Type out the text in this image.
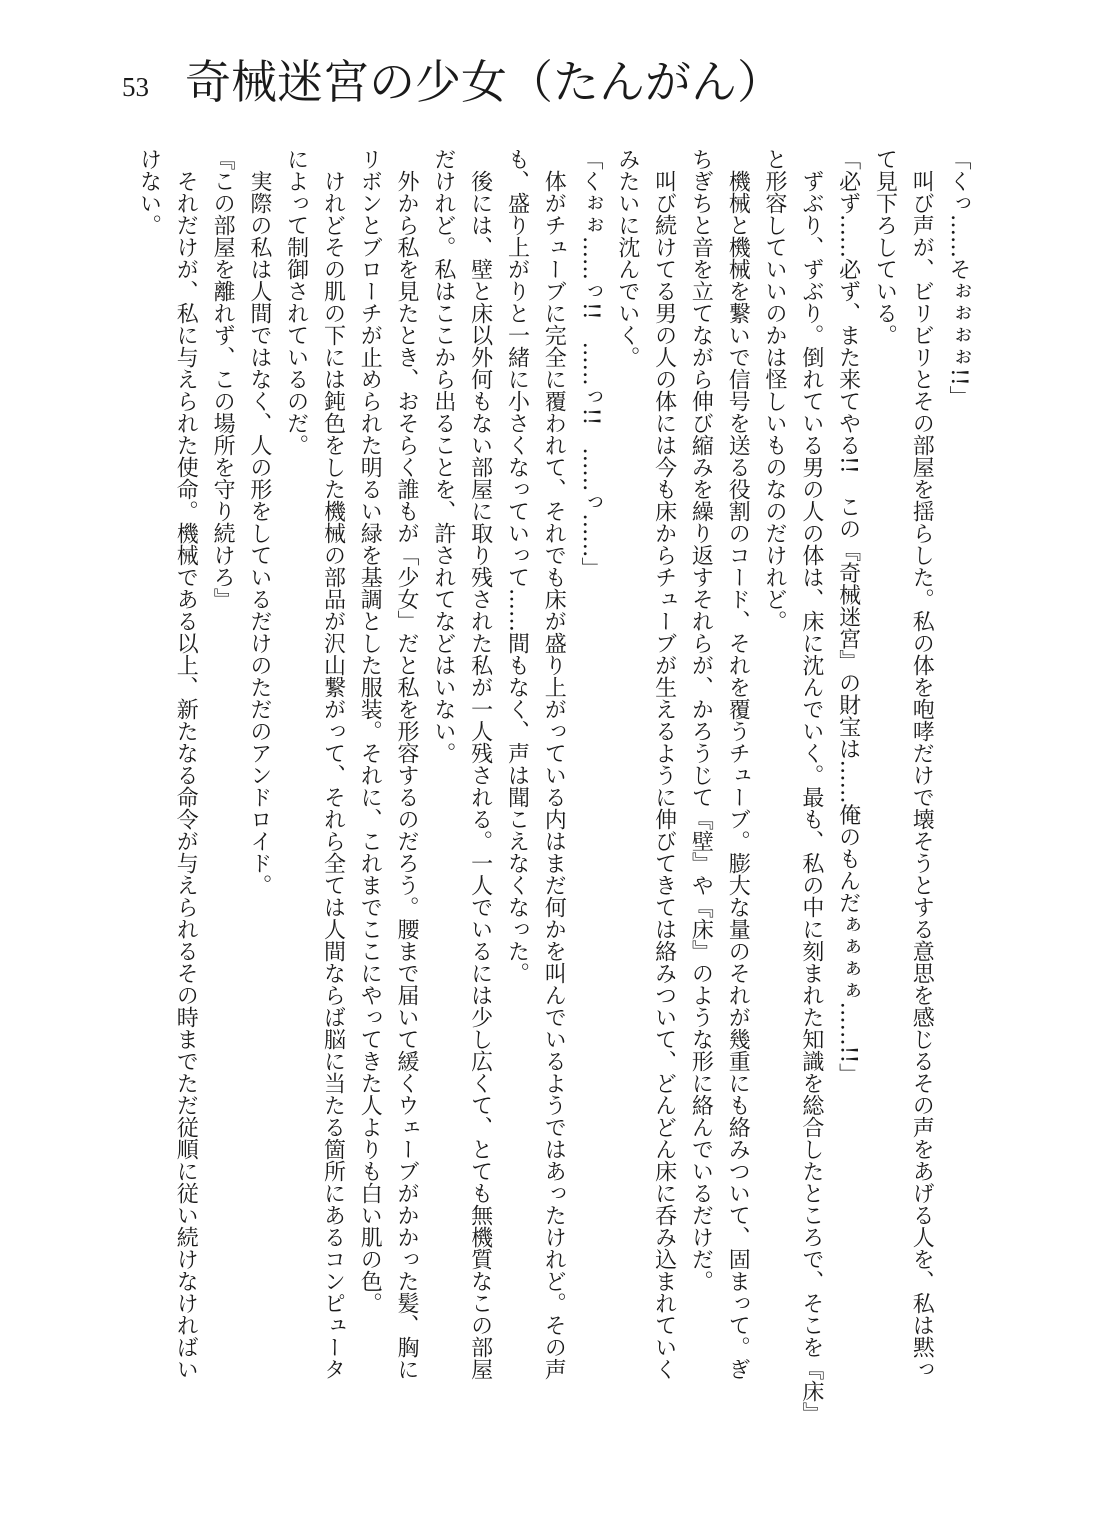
53 奇械迷宮の少女（たんがん）
「くっ……そぉぉぉぉ!!」
　叫び声が、ビリビリとその部屋を揺らした。私の体を咆哮だけで壊そうとする意思を感じるその声をあげる人を、私は黙っ
て見下ろしている。
「必ず……必ず、また来てやる!!　この『奇械迷宮』の財宝は……俺のもんだぁぁぁぁ……!!」
　ずぶり、ずぶり。倒れている男の人の体は、床に沈んでいく。最も、私の中に刻まれた知識を総合したところで、そこを『床』
と形容していいのかは怪しいものなのだけれど。
　機械と機械を繋いで信号を送る役割のコード、それを覆うチューブ。膨大な量のそれが幾重にも絡みついて、固まって。ぎ
ちぎちと音を立てながら伸び縮みを繰り返すそれらが、かろうじて『壁』や『床』のような形に絡んでいるだけだ。
　叫び続けてる男の人の体には今も床からチューブが生えるように伸びてきては絡みついて、どんどん床に呑み込まれていく
みたいに沈んでいく。
「くぉぉ……っ!!　……っ!!　……っ……」
　体がチューブに完全に覆われて、それでも床が盛り上がっている内はまだ何かを叫んでいるようではあったけれど。その声
も、盛り上がりと一緒に小さくなっていって……間もなく、声は聞こえなくなった。
　後には、壁と床以外何もない部屋に取り残された私が一人残される。一人でいるには少し広くて、とても無機質なこの部屋
だけれど。私はここから出ることを、許されてなどはいない。
　外から私を見たとき、おそらく誰もが「少女」だと私を形容するのだろう。腰まで届いて緩くウェーブがかかった髪、胸に
リボンとブローチが止められた明るい緑を基調とした服装。それに、これまでここにやってきた人よりも白い肌の色。
　けれどその肌の下には鈍色をした機械の部品が沢山繋がって、それら全ては人間ならば脳に当たる箇所にあるコンピュータ
によって制御されているのだ。
　実際の私は人間ではなく、人の形をしているだけのただのアンドロイド。
『この部屋を離れず、この場所を守り続けろ』
　それだけが、私に与えられた使命。機械である以上、新たなる命令が与えられるその時までただ従順に従い続けなければい
けない。
